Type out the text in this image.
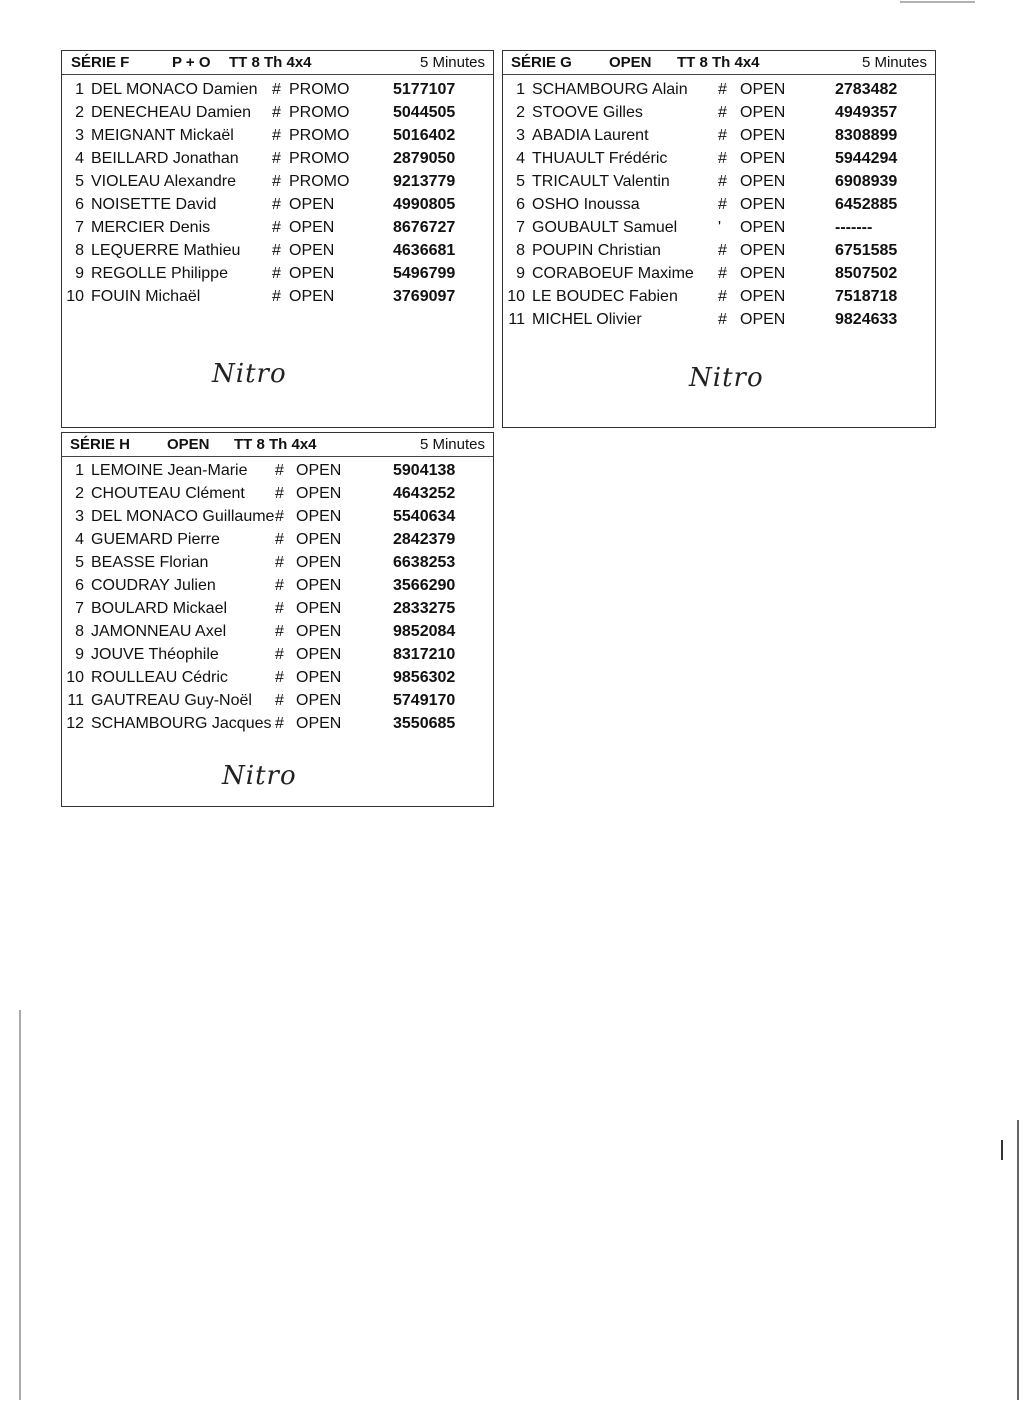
SÉRIE F	P + O TT 8 Th 4x4	5 Minutes
1 DEL MONACO Damien # PROMO	5177107
2 DENECHEAU Damien # PROMO	5044505
3 MEIGNANT Mickaël # PROMO	5016402
4 BEILLARD Jonathan # PROMO	2879050
5 VIOLEAU Alexandre # PROMO	9213779
6 NOISETTE David	# OPEN	4990805
7 MERCIER Denis	# OPEN	8676727
8 LEQUERRE Mathieu # OPEN	4636681
9 REGOLLE Philippe	# OPEN	5496799
10 FOUIN Michaël	# OPEN	3769097
Nitro
SÉRIE G OPEN TT 8 Th 4x4	5 Minutes
1 SCHAMBOURG Alain # OPEN	2783482
2 STOOVE Gilles	# OPEN	4949357
3 ABADIA Laurent	# OPEN	8308899
4 THUAULT Frédéric	# OPEN	5944294
5 TRICAULT Valentin	# OPEN	6908939
6 OSHO Inoussa	# OPEN	6452885
7 GOUBAULT Samuel	' OPEN	-------
8 POUPIN Christian	# OPEN	6751585
9 CORABOEUF Maxime # OPEN	8507502
10 LE BOUDEC Fabien	# OPEN	7518718
11 MICHEL Olivier	# OPEN	9824633
Nitro
SÉRIE H OPEN TT 8 Th 4x4	5 Minutes
1 LEMOINE Jean-Marie # OPEN	5904138
2 CHOUTEAU Clément # OPEN	4643252
3 DEL MONACO Guillaume # OPEN	5540634
4 GUEMARD Pierre	# OPEN	2842379
5 BEASSE Florian	# OPEN	6638253
6 COUDRAY Julien	# OPEN	3566290
7 BOULARD Mickael	# OPEN	2833275
8 JAMONNEAU Axel	# OPEN	9852084
9 JOUVE Théophile	# OPEN	8317210
10 ROULLEAU Cédric	# OPEN	9856302
11 GAUTREAU Guy-Noël # OPEN	5749170
12 SCHAMBOURG Jacques # OPEN	3550685
Nitro
